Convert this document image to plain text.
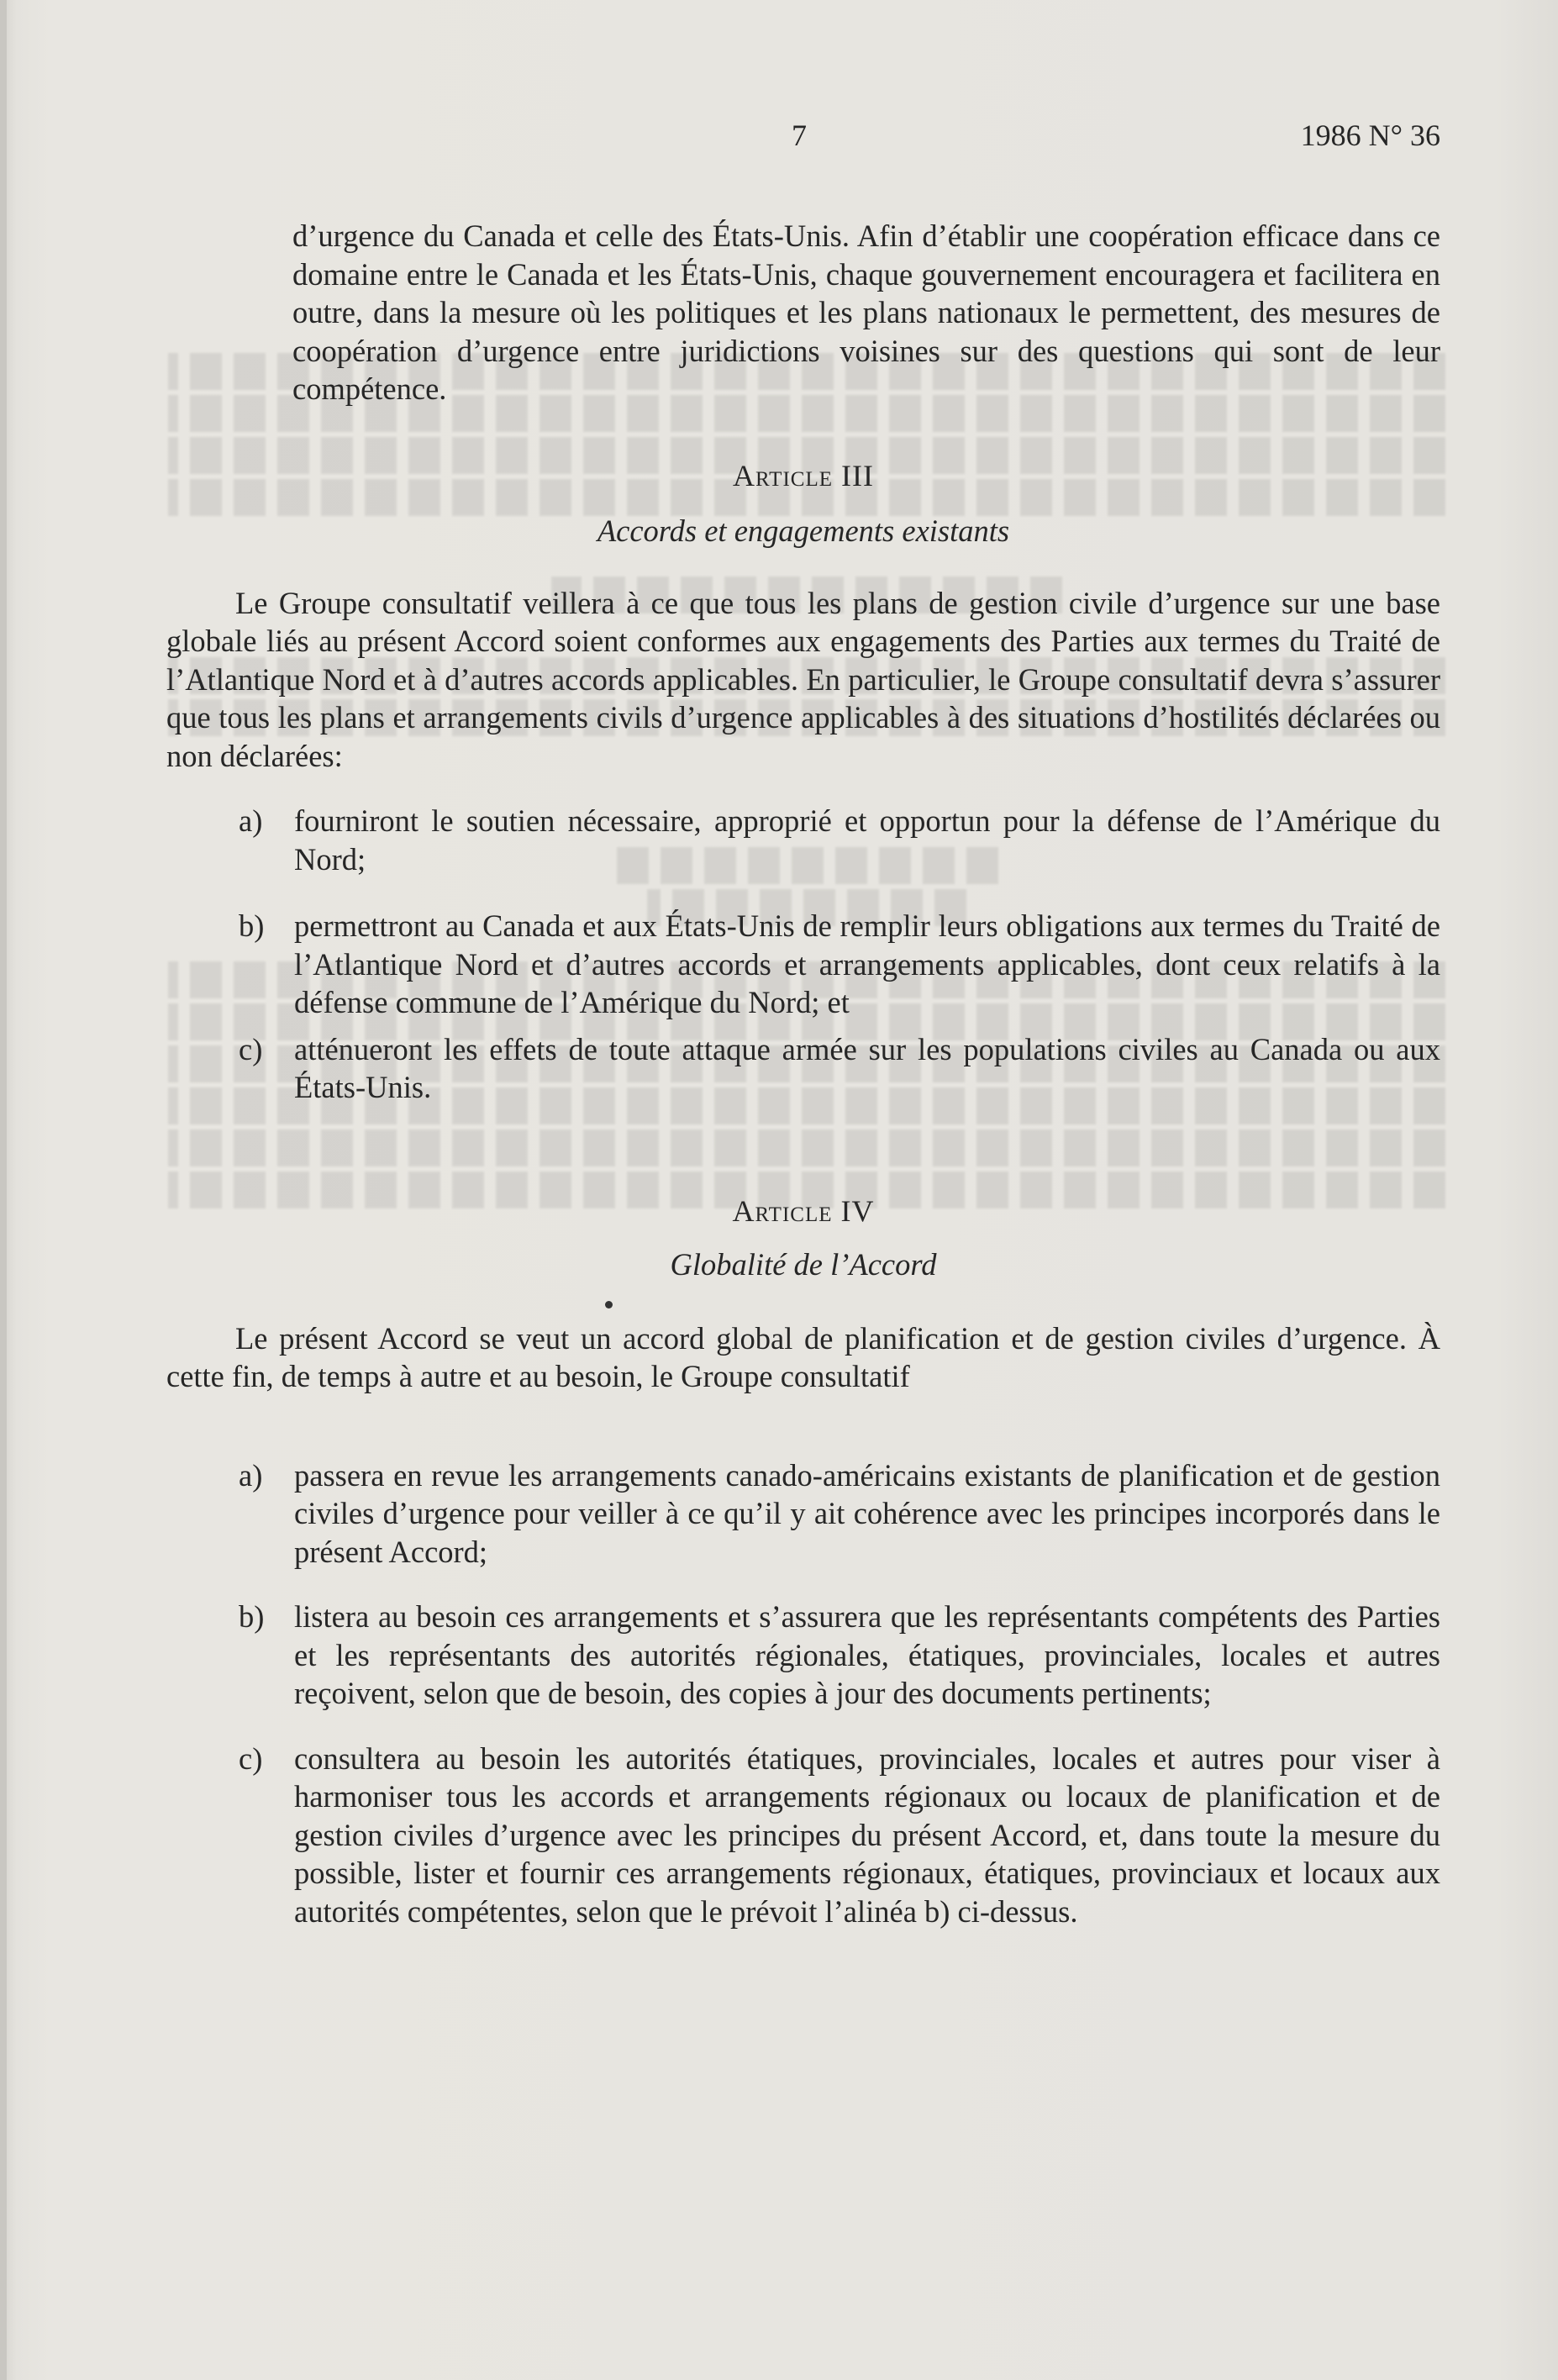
7	1986 N° 36

d’urgence du Canada et celle des États-Unis. Afin d’établir une coopération efficace dans ce domaine entre le Canada et les États-Unis, chaque gouvernement encouragera et facilitera en outre, dans la mesure où les politiques et les plans nationaux le permettent, des mesures de coopération d’urgence entre juridictions voisines sur des questions qui sont de leur compétence.

Article III

Accords et engagements existants

Le Groupe consultatif veillera à ce que tous les plans de gestion civile d’urgence sur une base globale liés au présent Accord soient conformes aux engagements des Parties aux termes du Traité de l’Atlantique Nord et à d’autres accords applicables. En particulier, le Groupe consultatif devra s’assurer que tous les plans et arrangements civils d’urgence applicables à des situations d’hostilités déclarées ou non déclarées:

a)	fourniront le soutien nécessaire, approprié et opportun pour la défense de l’Amérique du Nord;
b) permettront au Canada et aux États-Unis de remplir leurs obligations aux termes du Traité de l’Atlantique Nord et d’autres accords et arrangements applicables, dont ceux relatifs à la défense commune de l’Amérique du Nord; et
c)	atténueront les effets de toute attaque armée sur les populations civiles au Canada ou aux États-Unis.

Article IV

Globalité de l’Accord

Le présent Accord se veut un accord global de planification et de gestion civiles d’urgence. À cette fin, de temps à autre et au besoin, le Groupe consultatif

a)	passera en revue les arrangements canado-américains existants de planification et de gestion civiles d’urgence pour veiller à ce qu’il y ait cohérence avec les principes incorporés dans le présent Accord;
b) listera au besoin ces arrangements et s’assurera que les représentants compétents des Parties et les représentants des autorités régionales, étatiques, provinciales, locales et autres reçoivent, selon que de besoin, des copies à jour des documents pertinents;
c)	consultera au besoin les autorités étatiques, provinciales, locales et autres pour viser à harmoniser tous les accords et arrangements régionaux ou locaux de planification et de gestion civiles d’urgence avec les principes du présent Accord, et, dans toute la mesure du possible, lister et fournir ces arrangements régionaux, étatiques, provinciaux et locaux aux autorités compétentes, selon que le prévoit l’alinéa b) ci-dessus.
